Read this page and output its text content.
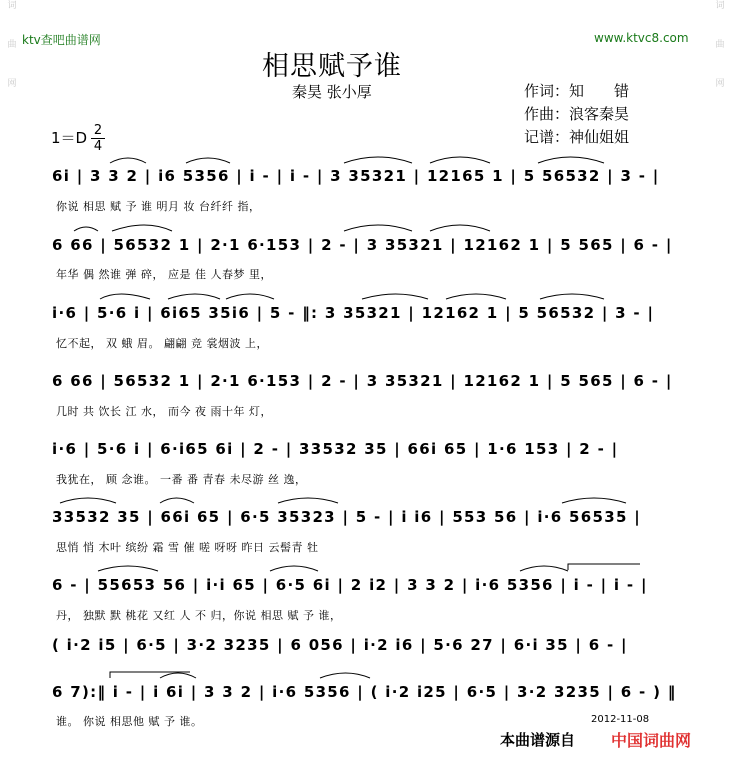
词
曲
网
词
曲
网
ktv查吧曲谱网	www.ktvc8.com
相思赋予谁
秦昊 张小厚	作词：知　　错
作曲：浪客秦昊
记谱：神仙姐姐
1＝D 2
4
6i | 3 3 2 | i6 5356 | i - | i - | 3 35321 | 12165 1 | 5 56532 | 3 - |
你说 相思 赋 予 谁 明月 妆 台纤纤 指，
6 66 | 56532 1 | 2·1 6·153 | 2 - | 3 35321 | 12162 1 | 5 565 | 6 - |
年华 偶 然谁 弹 碎， 应是 佳 人春梦 里，
i·6 | 5·6 i | 6i65 35i6 | 5 - ‖: 3 35321 | 12162 1 | 5 56532 | 3 - |
忆不起， 双 蛾 眉。 翩翩 竞 裳烟波 上，
6 66 | 56532 1 | 2·1 6·153 | 2 - | 3 35321 | 12162 1 | 5 565 | 6 - |
几时 共 饮长 江 水， 而今 夜 雨十年 灯，
i·6 | 5·6 i | 6·i65 6i | 2 - | 33532 35 | 66i 65 | 1·6 153 | 2 - |
我犹在， 顾 念谁。 一番 番 青春 未尽游 丝 逸，
33532 35 | 66i 65 | 6·5 35323 | 5 - | i i6 | 553 56 | i·6 56535 |
思悄 悄 木叶 缤纷 霜 雪 催 嗟 呀呀 昨日 云髻青 牡
6 - | 55653 56 | i·i 65 | 6·5 6i | 2 i2 | 3 3 2 | i·6 5356 | i - | i - |
丹， 独默 默 桃花 又红 人 不 归，你说 相思 赋 予 谁，
( i·2 i5 | 6·5 | 3·2 3235 | 6 056 | i·2 i6 | 5·6 27 | 6·i 35 | 6 - |
6 7):‖ i - | i 6i | 3 3 2 | i·6 5356 | ( i·2 i25 | 6·5 | 3·2 3235 | 6 - ) ‖
谁。 你说 相思他 赋 予 谁。	2012-11-08
本曲谱源自 中国词曲网
